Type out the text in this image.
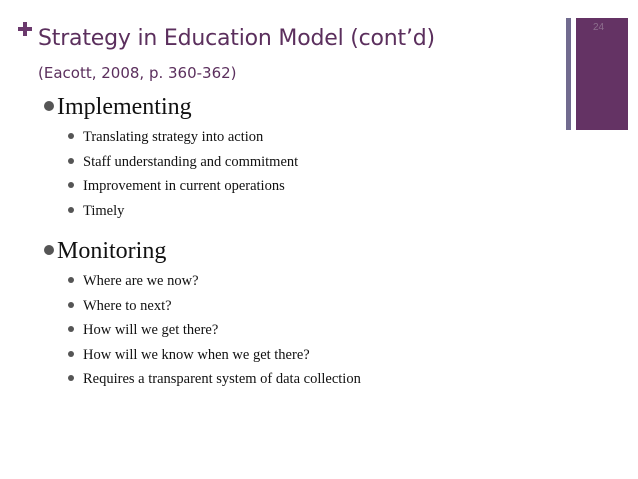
Strategy in Education Model (cont’d)
(Eacott, 2008, p. 360-362)
24
Implementing
Translating strategy into action
Staff understanding and commitment
Improvement in current operations
Timely
Monitoring
Where are we now?
Where to next?
How will we get there?
How will we know when we get there?
Requires a transparent system of data collection
